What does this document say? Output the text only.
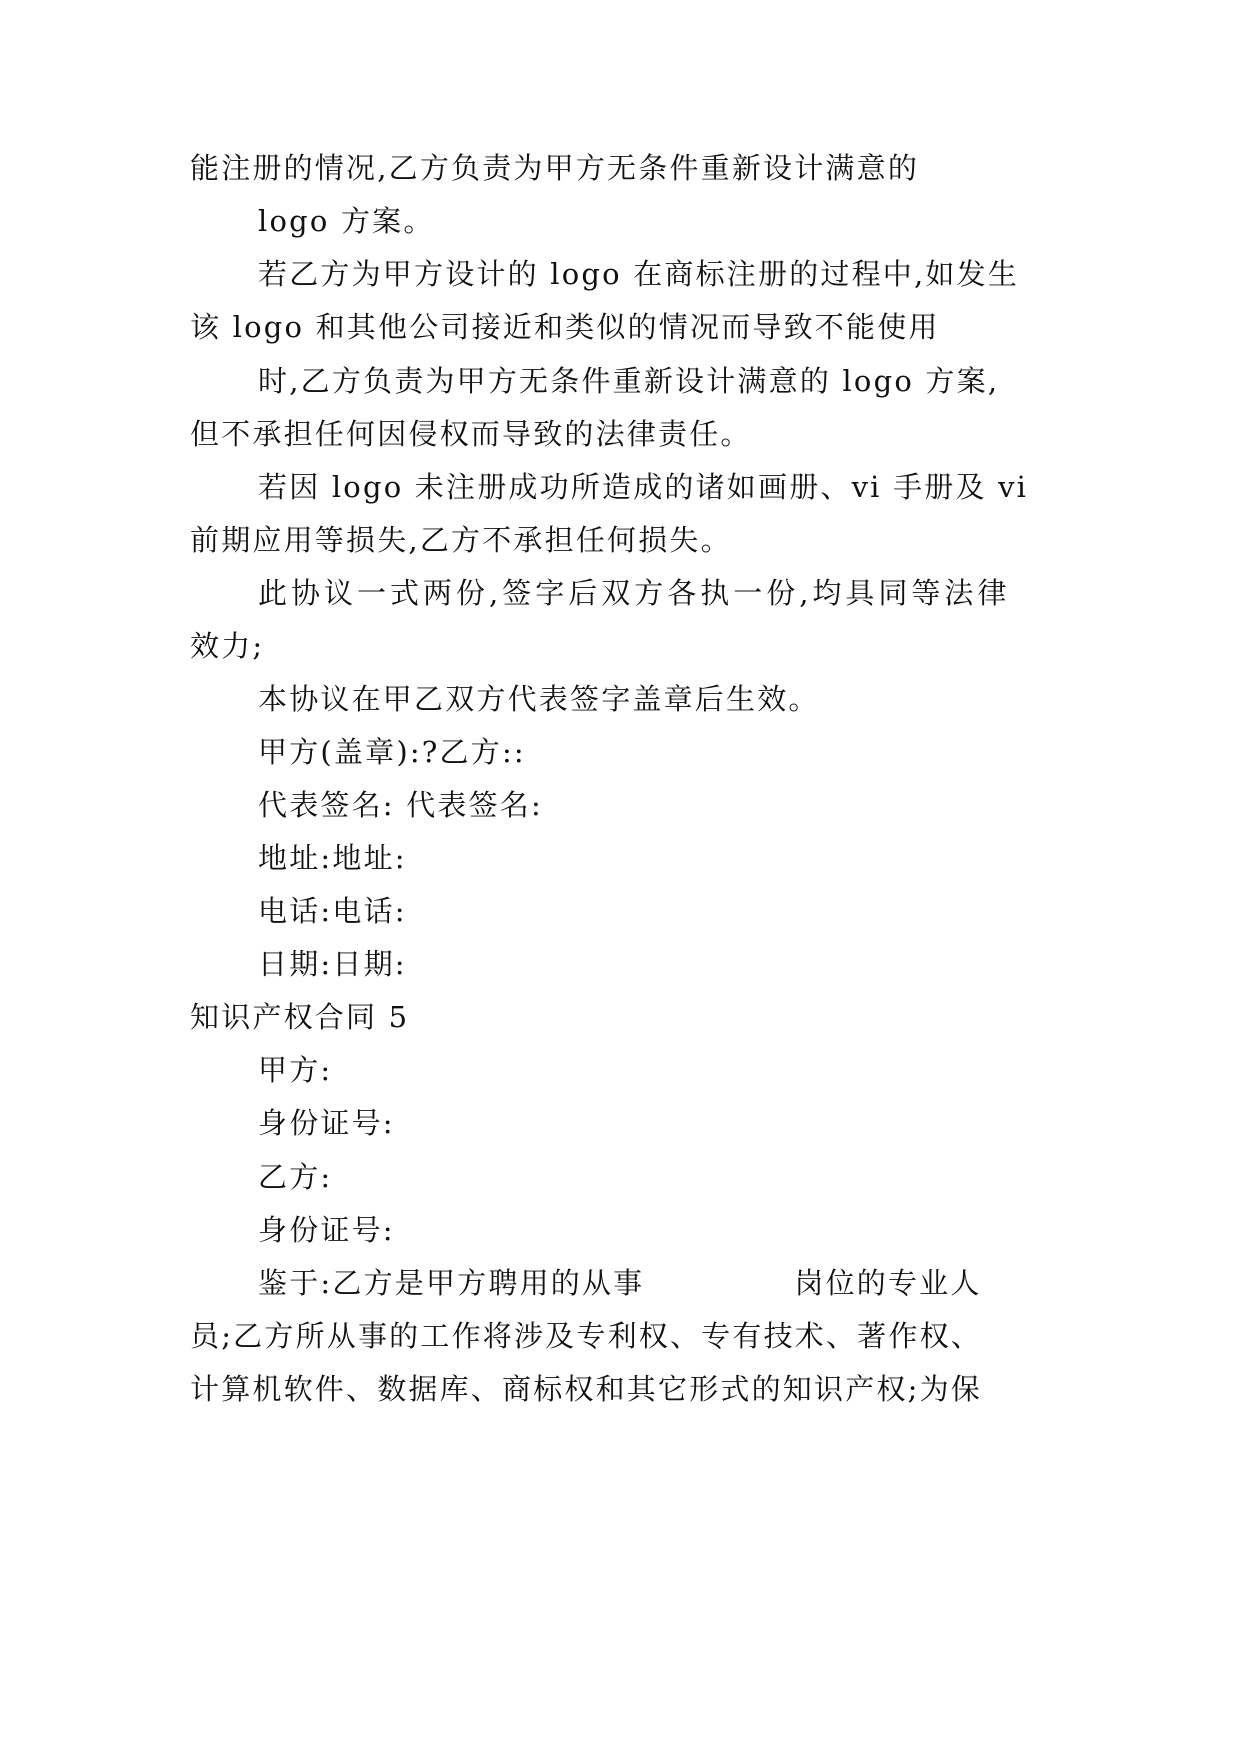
能注册的情况,乙方负责为甲方无条件重新设计满意的
logo 方案。
若乙方为甲方设计的 logo 在商标注册的过程中,如发生
该 logo 和其他公司接近和类似的情况而导致不能使用
时,乙方负责为甲方无条件重新设计满意的 logo 方案,
但不承担任何因侵权而导致的法律责任。
若因 logo 未注册成功所造成的诸如画册、vi 手册及 vi
前期应用等损失,乙方不承担任何损失。
此协议一式两份,签字后双方各执一份,均具同等法律
效力;
本协议在甲乙双方代表签字盖章后生效。
甲方(盖章):?乙方::
代表签名: 代表签名:
地址:地址:
电话:电话:
日期:日期:
知识产权合同 5
甲方:
身份证号:
乙方:
身份证号:
鉴于:乙方是甲方聘用的从事	岗位的专业人
员;乙方所从事的工作将涉及专利权、专有技术、著作权、
计算机软件、数据库、商标权和其它形式的知识产权;为保
